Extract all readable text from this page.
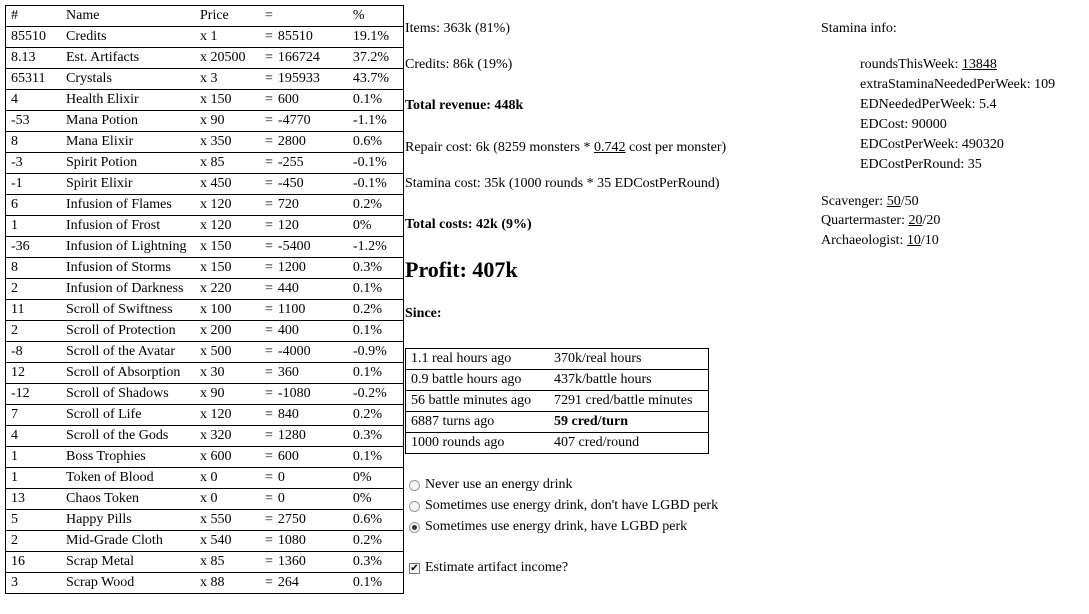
#	Name	Price	=		%
85510	Credits	x 1	=	85510	19.1%
8.13	Est. Artifacts	x 20500	=	166724	37.2%
65311	Crystals	x 3	=	195933	43.7%
4	Health Elixir	x 150	=	600	0.1%
-53	Mana Potion	x 90	=	-4770	-1.1%
8	Mana Elixir	x 350	=	2800	0.6%
-3	Spirit Potion	x 85	=	-255	-0.1%
-1	Spirit Elixir	x 450	=	-450	-0.1%
6	Infusion of Flames	x 120	=	720	0.2%
1	Infusion of Frost	x 120	=	120	0%
-36	Infusion of Lightning	x 150	=	-5400	-1.2%
8	Infusion of Storms	x 150	=	1200	0.3%
2	Infusion of Darkness	x 220	=	440	0.1%
11	Scroll of Swiftness	x 100	=	1100	0.2%
2	Scroll of Protection	x 200	=	400	0.1%
-8	Scroll of the Avatar	x 500	=	-4000	-0.9%
12	Scroll of Absorption	x 30	=	360	0.1%
-12	Scroll of Shadows	x 90	=	-1080	-0.2%
7	Scroll of Life	x 120	=	840	0.2%
4	Scroll of the Gods	x 320	=	1280	0.3%
1	Boss Trophies	x 600	=	600	0.1%
1	Token of Blood	x 0	=	0	0%
13	Chaos Token	x 0	=	0	0%
5	Happy Pills	x 550	=	2750	0.6%
2	Mid-Grade Cloth	x 540	=	1080	0.2%
16	Scrap Metal	x 85	=	1360	0.3%
3	Scrap Wood	x 88	=	264	0.1%
Items: 363k (81%)
Credits: 86k (19%)
Total revenue: 448k
Repair cost: 6k (8259 monsters * 0.742 cost per monster)
Stamina cost: 35k (1000 rounds * 35 EDCostPerRound)
Total costs: 42k (9%)
Profit: 407k
Since:
1.1 real hours ago	370k/real hours
0.9 battle hours ago	437k/battle hours
56 battle minutes ago	7291 cred/battle minutes
6887 turns ago	59 cred/turn
1000 rounds ago	407 cred/round
Never use an energy drink
Sometimes use energy drink, don't have LGBD perk
Sometimes use energy drink, have LGBD perk
✔ Estimate artifact income?
Stamina info:
roundsThisWeek: 13848
extraStaminaNeededPerWeek: 109
EDNeededPerWeek: 5.4
EDCost: 90000
EDCostPerWeek: 490320
EDCostPerRound: 35
Scavenger: 50/50
Quartermaster: 20/20
Archaeologist: 10/10
